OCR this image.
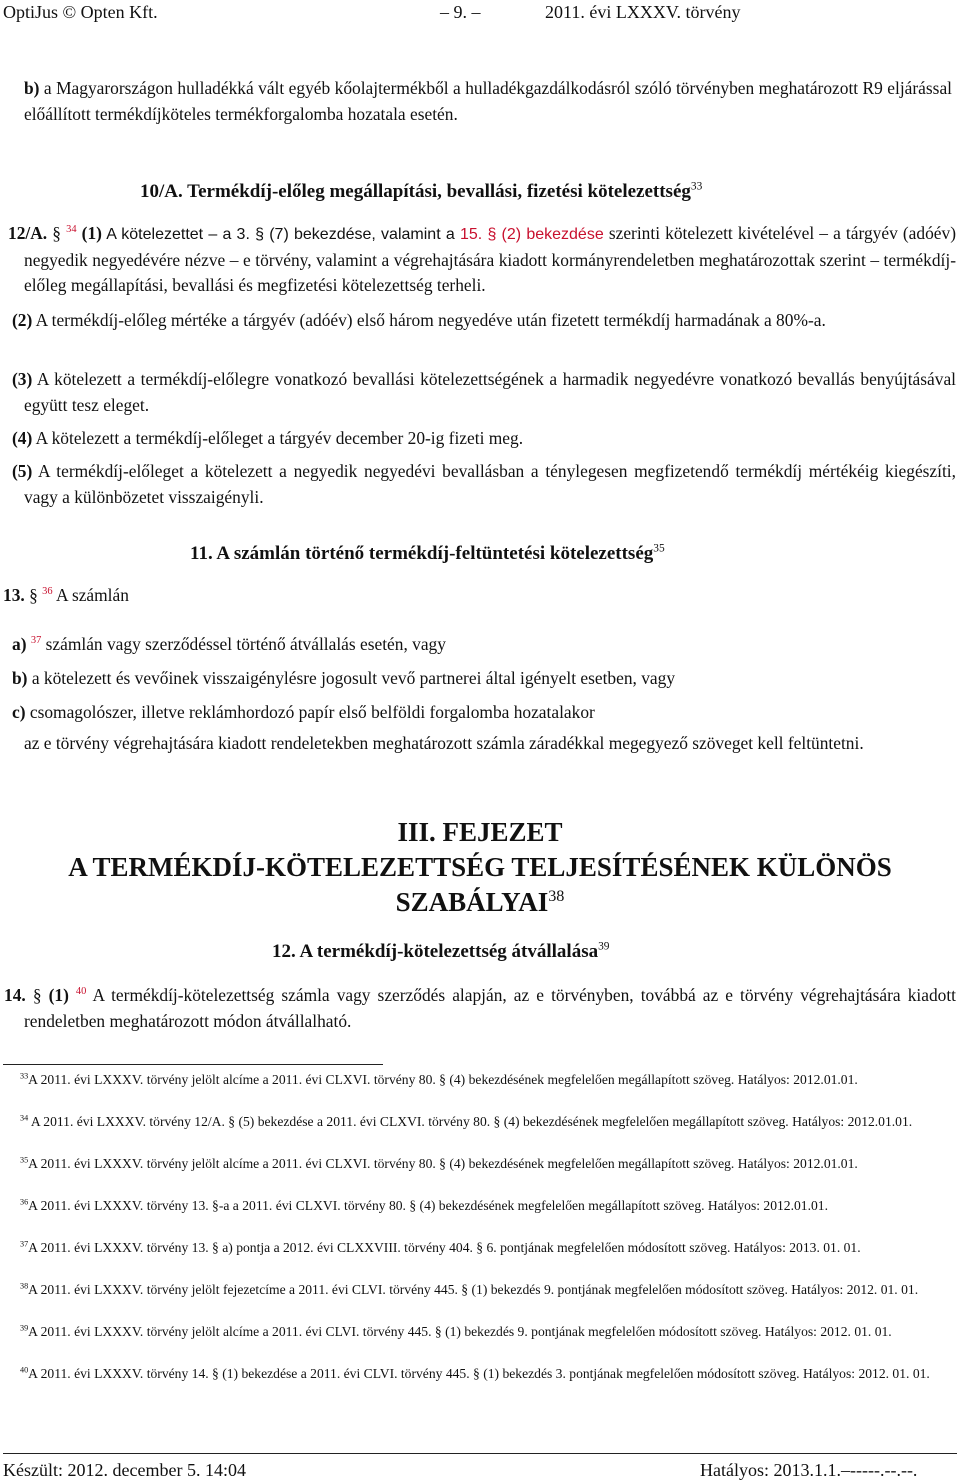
OptiJus © Opten Kft.	– 9. –	2011. évi LXXXV. törvény
b) a Magyarországon hulladékká vált egyéb kőolajtermékből a hulladékgazdálkodásról szóló törvényben meghatározott R9 eljárással előállított termékdíjköteles termékforgalomba hozatala esetén.
10/A. Termékdíj-előleg megállapítási, bevallási, fizetési kötelezettség$^{33}$
12/A. § $^{34}$ (1) A kötelezettet – a 3. § (7) bekezdése, valamint a 15. § (2) bekezdése szerinti kötelezett kivételével – a tárgyév (adóév) negyedik negyedévére nézve – e törvény, valamint a végrehajtására kiadott kormányrendeletben meghatározottak szerint – termékdíj-előleg megállapítási, bevallási és megfizetési kötelezettség terheli.
(2) A termékdíj-előleg mértéke a tárgyév (adóév) első három negyedéve után fizetett termékdíj harmadának a 80%-a.
(3) A kötelezett a termékdíj-előlegre vonatkozó bevallási kötelezettségének a harmadik negyedévre vonatkozó bevallás benyújtásával együtt tesz eleget.
(4) A kötelezett a termékdíj-előleget a tárgyév december 20-ig fizeti meg.
(5) A termékdíj-előleget a kötelezett a negyedik negyedévi bevallásban a ténylegesen megfizetendő termékdíj mértékéig kiegészíti, vagy a különbözetet visszaigényli.
11. A számlán történő termékdíj-feltüntetési kötelezettség$^{35}$
13. § $^{36}$ A számlán
a) $^{37}$ számlán vagy szerződéssel történő átvállalás esetén, vagy
b) a kötelezett és vevőinek visszaigénylésre jogosult vevő partnerei által igényelt esetben, vagy
c) csomagolószer, illetve reklámhordozó papír első belföldi forgalomba hozatalakor
az e törvény végrehajtására kiadott rendeletekben meghatározott számla záradékkal megegyező szöveget kell feltüntetni.
III. FEJEZET
A TERMÉKDÍJ-KÖTELEZETTSÉG TELJESÍTÉSÉNEK KÜLÖNÖS
SZABÁLYAI$^{38}$
12. A termékdíj-kötelezettség átvállalása$^{39}$
14. § (1) $^{40}$ A termékdíj-kötelezettség számla vagy szerződés alapján, az e törvényben, továbbá az e törvény végrehajtására kiadott rendeletben meghatározott módon átvállalható.

$^{33}$A 2011. évi LXXXV. törvény jelölt alcíme a 2011. évi CLXVI. törvény 80. § (4) bekezdésének megfelelően megállapított szöveg. Hatályos: 2012.01.01.

$^{34}$ A 2011. évi LXXXV. törvény 12/A. § (5) bekezdése a 2011. évi CLXVI. törvény 80. § (4) bekezdésének megfelelően megállapított szöveg. Hatályos: 2012.01.01.

$^{35}$A 2011. évi LXXXV. törvény jelölt alcíme a 2011. évi CLXVI. törvény 80. § (4) bekezdésének megfelelően megállapított szöveg. Hatályos: 2012.01.01.

$^{36}$A 2011. évi LXXXV. törvény 13. §-a a 2011. évi CLXVI. törvény 80. § (4) bekezdésének megfelelően megállapított szöveg. Hatályos: 2012.01.01.

$^{37}$A 2011. évi LXXXV. törvény 13. § a) pontja a 2012. évi CLXXVIII. törvény 404. § 6. pontjának megfelelően módosított szöveg. Hatályos: 2013. 01. 01.

$^{38}$A 2011. évi LXXXV. törvény jelölt fejezetcíme a 2011. évi CLVI. törvény 445. § (1) bekezdés 9. pontjának megfelelően módosított szöveg. Hatályos: 2012. 01. 01.

$^{39}$A 2011. évi LXXXV. törvény jelölt alcíme a 2011. évi CLVI. törvény 445. § (1) bekezdés 9. pontjának megfelelően módosított szöveg. Hatályos: 2012. 01. 01.

$^{40}$A 2011. évi LXXXV. törvény 14. § (1) bekezdése a 2011. évi CLVI. törvény 445. § (1) bekezdés 3. pontjának megfelelően módosított szöveg. Hatályos: 2012. 01. 01.

Készült: 2012. december 5. 14:04	Hatályos: 2013.1.1.–-----.--.--.
